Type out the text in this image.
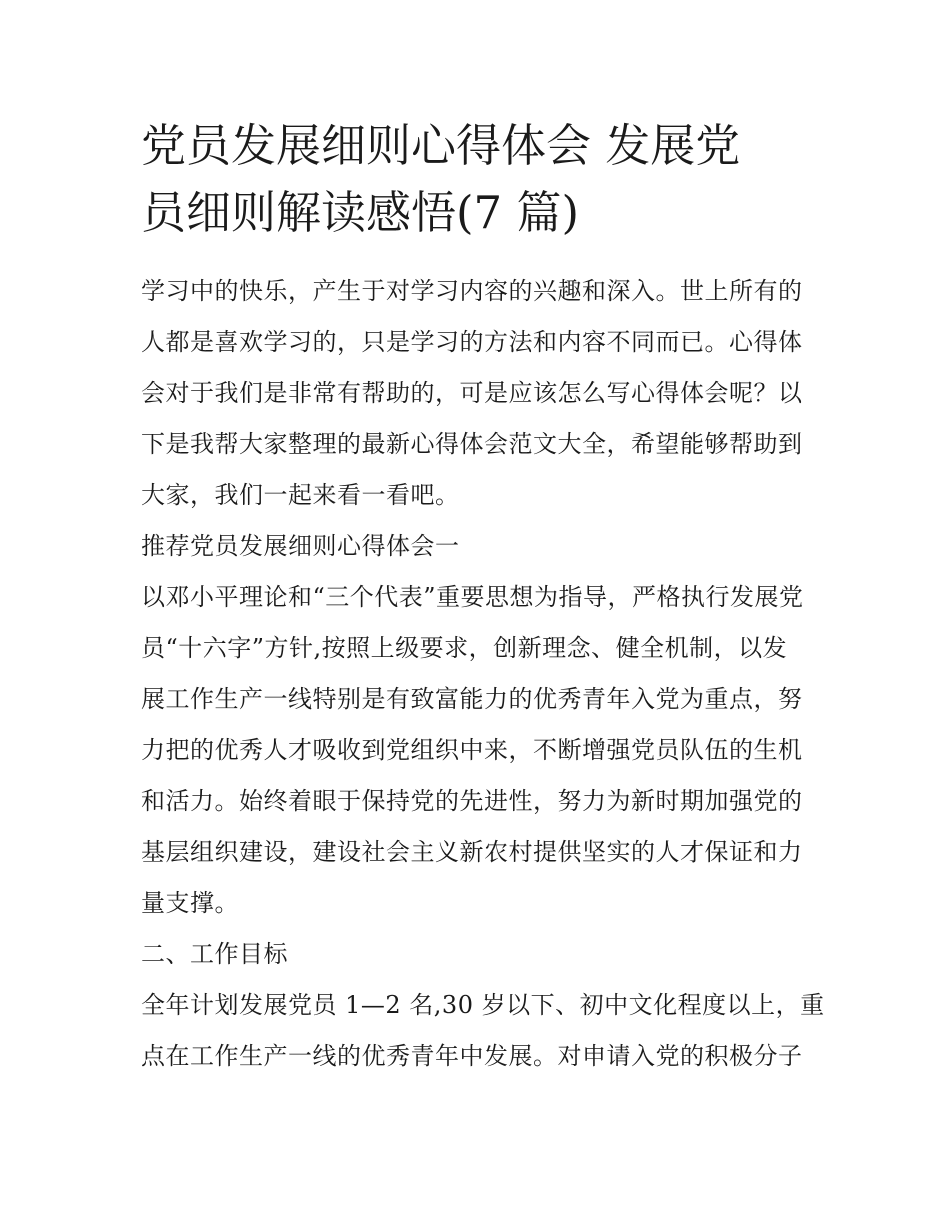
党员发展细则心得体会 发展党
员细则解读感悟(7 篇)

学习中的快乐，产生于对学习内容的兴趣和深入。世上所有的
人都是喜欢学习的，只是学习的方法和内容不同而已。心得体
会对于我们是非常有帮助的，可是应该怎么写心得体会呢？以
下是我帮大家整理的最新心得体会范文大全，希望能够帮助到
大家，我们一起来看一看吧。

推荐党员发展细则心得体会一

以邓小平理论和“三个代表”重要思想为指导，严格执行发展党
员“十六字”方针,按照上级要求，创新理念、健全机制，以发
展工作生产一线特别是有致富能力的优秀青年入党为重点，努
力把的优秀人才吸收到党组织中来，不断增强党员队伍的生机
和活力。始终着眼于保持党的先进性，努力为新时期加强党的
基层组织建设，建设社会主义新农村提供坚实的人才保证和力
量支撑。

二、工作目标

全年计划发展党员 1—2 名,30 岁以下、初中文化程度以上，重
点在工作生产一线的优秀青年中发展。对申请入党的积极分子
